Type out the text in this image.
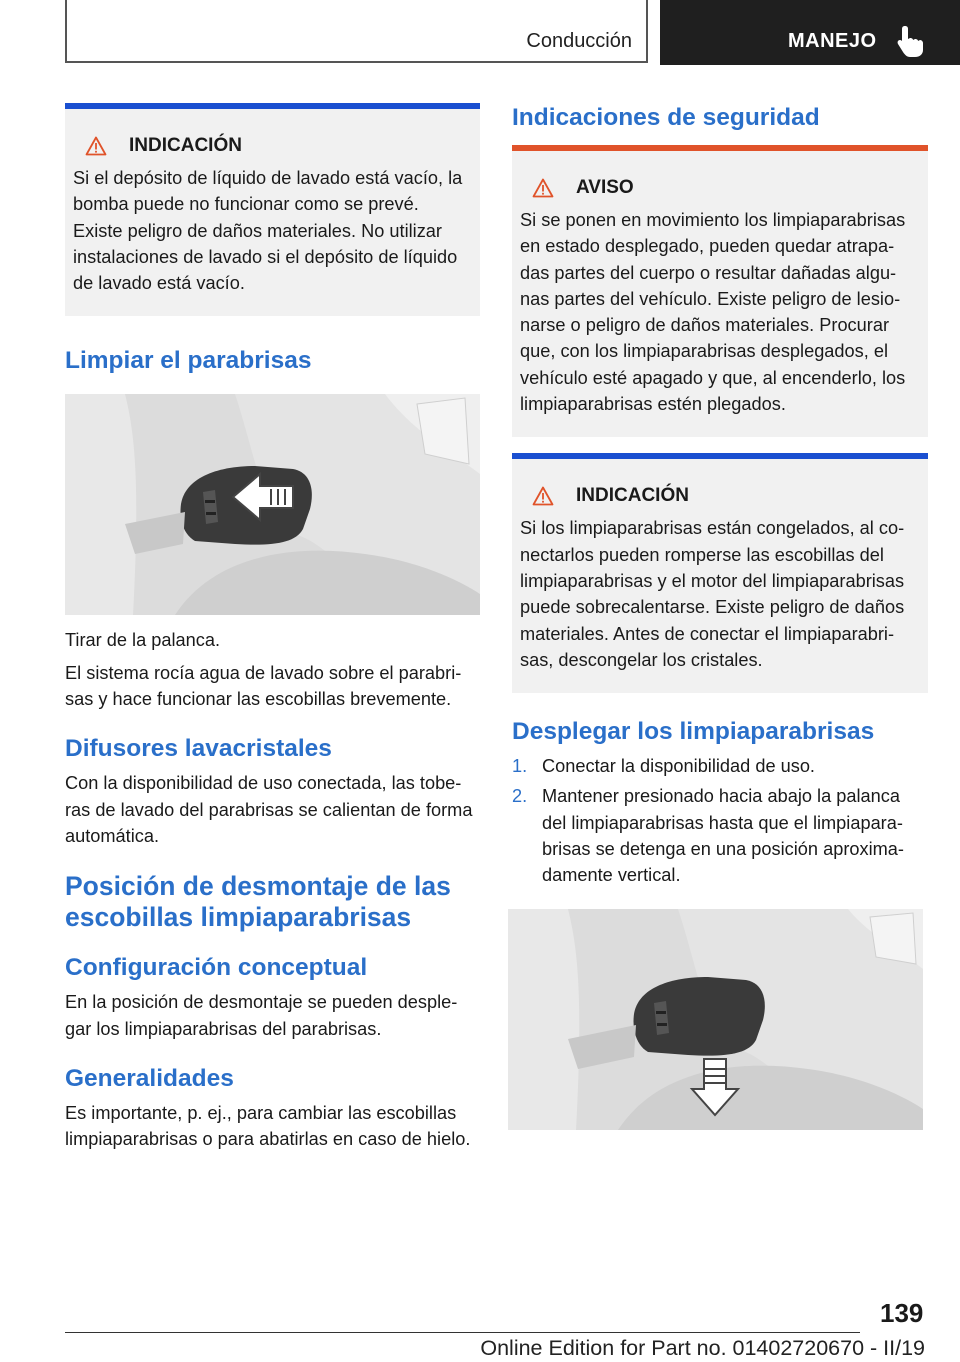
Conducción	MANEJO
INDICACIÓN
Si el depósito de líquido de lavado está vacío, la bomba puede no funcionar como se prevé. Existe peligro de daños materiales. No utilizar instalaciones de lavado si el depósito de líquido de lavado está vacío.
Limpiar el parabrisas
Tirar de la palanca.
El sistema rocía agua de lavado sobre el parabri‐ sas y hace funcionar las escobillas brevemente.
Difusores lavacristales
Con la disponibilidad de uso conectada, las tobe‐ ras de lavado del parabrisas se calientan de forma automática.
Posición de desmontaje de las escobillas limpiaparabrisas
Configuración conceptual
En la posición de desmontaje se pueden desple‐ gar los limpiaparabrisas del parabrisas.
Generalidades
Es importante, p. ej., para cambiar las escobillas limpiaparabrisas o para abatirlas en caso de hielo.
Indicaciones de seguridad
AVISO
Si se ponen en movimiento los limpiaparabrisas en estado desplegado, pueden quedar atrapa‐ das partes del cuerpo o resultar dañadas algu‐ nas partes del vehículo. Existe peligro de lesio‐ narse o peligro de daños materiales. Procurar que, con los limpiaparabrisas desplegados, el vehículo esté apagado y que, al encenderlo, los limpiaparabrisas estén plegados.
INDICACIÓN
Si los limpiaparabrisas están congelados, al co‐ nectarlos pueden romperse las escobillas del limpiaparabrisas y el motor del limpiaparabrisas puede sobrecalentarse. Existe peligro de daños materiales. Antes de conectar el limpiaparabri‐ sas, descongelar los cristales.
Desplegar los limpiaparabrisas
1. Conectar la disponibilidad de uso.
2. Mantener presionado hacia abajo la palanca del limpiaparabrisas hasta que el limpiapara‐ brisas se detenga en una posición aproxima‐ damente vertical.
139
Online Edition for Part no. 01402720670 - II/19
